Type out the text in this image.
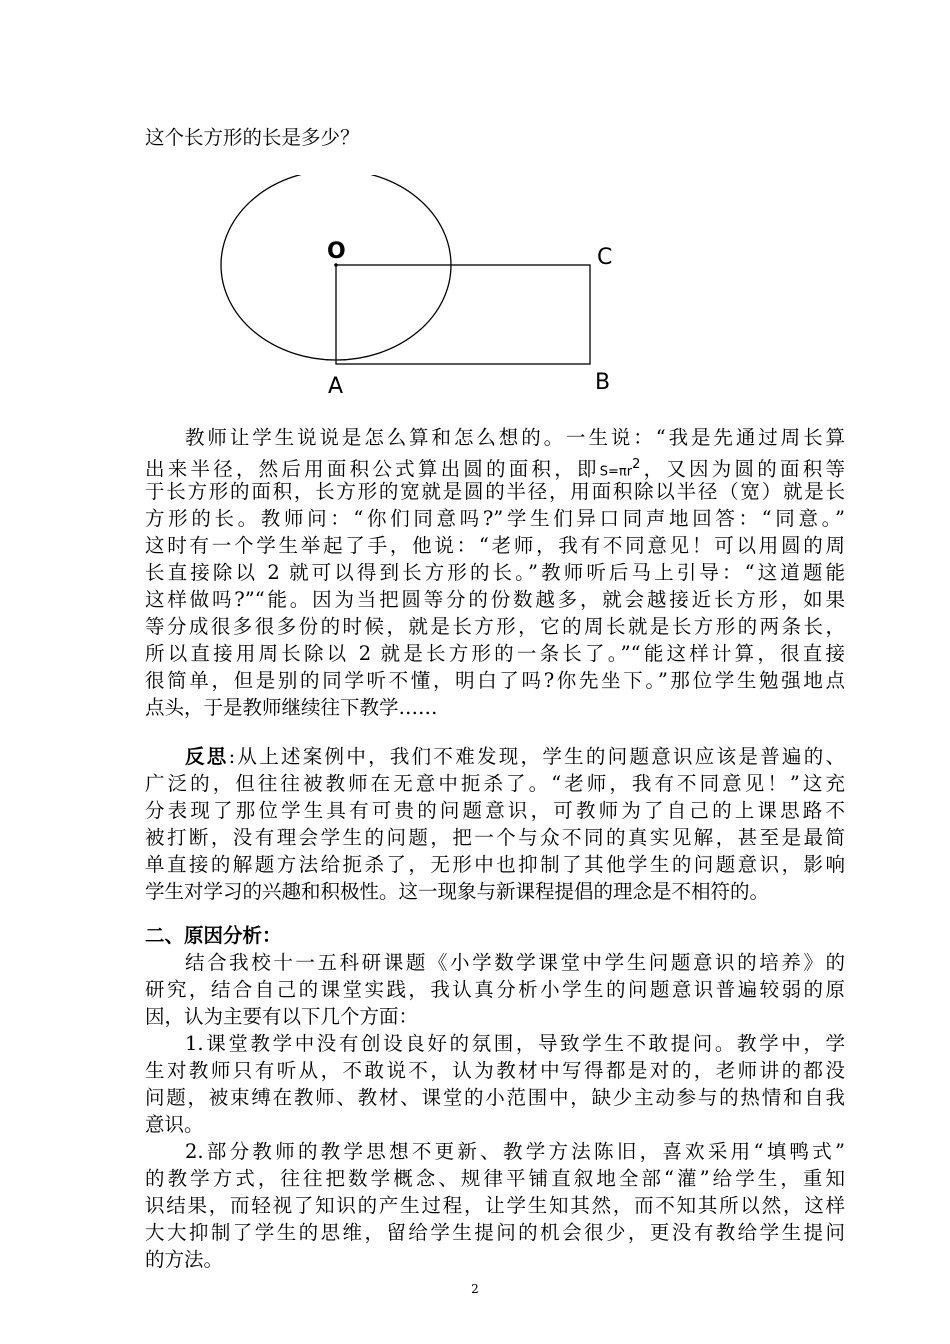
这个长方形的长是多少？
O	C
A	B
教师让学生说说是怎么算和怎么想的。一生说：“我是先通过周长算
出来半径，然后用面积公式算出圆的面积，即$S=\pi r^2$，又因为圆的面积等
于长方形的面积，长方形的宽就是圆的半径，用面积除以半径（宽）就是长
方形的长。教师问：“你们同意吗?”学生们异口同声地回答：“同意。”
这时有一个学生举起了手，他说：“老师，我有不同意见！可以用圆的周
长直接除以 2 就可以得到长方形的长。”教师听后马上引导：“这道题能
这样做吗?”“能。因为当把圆等分的份数越多，就会越接近长方形，如果
等分成很多很多份的时候，就是长方形，它的周长就是长方形的两条长，
所以直接用周长除以 2 就是长方形的一条长了。”“能这样计算，很直接
很简单，但是别的同学听不懂，明白了吗?你先坐下。”那位学生勉强地点
点头，于是教师继续往下教学……
反思:从上述案例中，我们不难发现，学生的问题意识应该是普遍的、
广泛的，但往往被教师在无意中扼杀了。“老师，我有不同意见！”这充
分表现了那位学生具有可贵的问题意识，可教师为了自己的上课思路不
被打断，没有理会学生的问题，把一个与众不同的真实见解，甚至是最简
单直接的解题方法给扼杀了，无形中也抑制了其他学生的问题意识，影响
学生对学习的兴趣和积极性。这一现象与新课程提倡的理念是不相符的。
二、原因分析：
结合我校十一五科研课题《小学数学课堂中学生问题意识的培养》的
研究，结合自己的课堂实践，我认真分析小学生的问题意识普遍较弱的原
因，认为主要有以下几个方面：
1.课堂教学中没有创设良好的氛围，导致学生不敢提问。教学中，学
生对教师只有听从，不敢说不，认为教材中写得都是对的，老师讲的都没
问题，被束缚在教师、教材、课堂的小范围中，缺少主动参与的热情和自我
意识。
2.部分教师的教学思想不更新、教学方法陈旧，喜欢采用“填鸭式”
的教学方式，往往把数学概念、规律平铺直叙地全部“灌”给学生，重知
识结果，而轻视了知识的产生过程，让学生知其然，而不知其所以然，这样
大大抑制了学生的思维，留给学生提问的机会很少，更没有教给学生提问
的方法。
2
